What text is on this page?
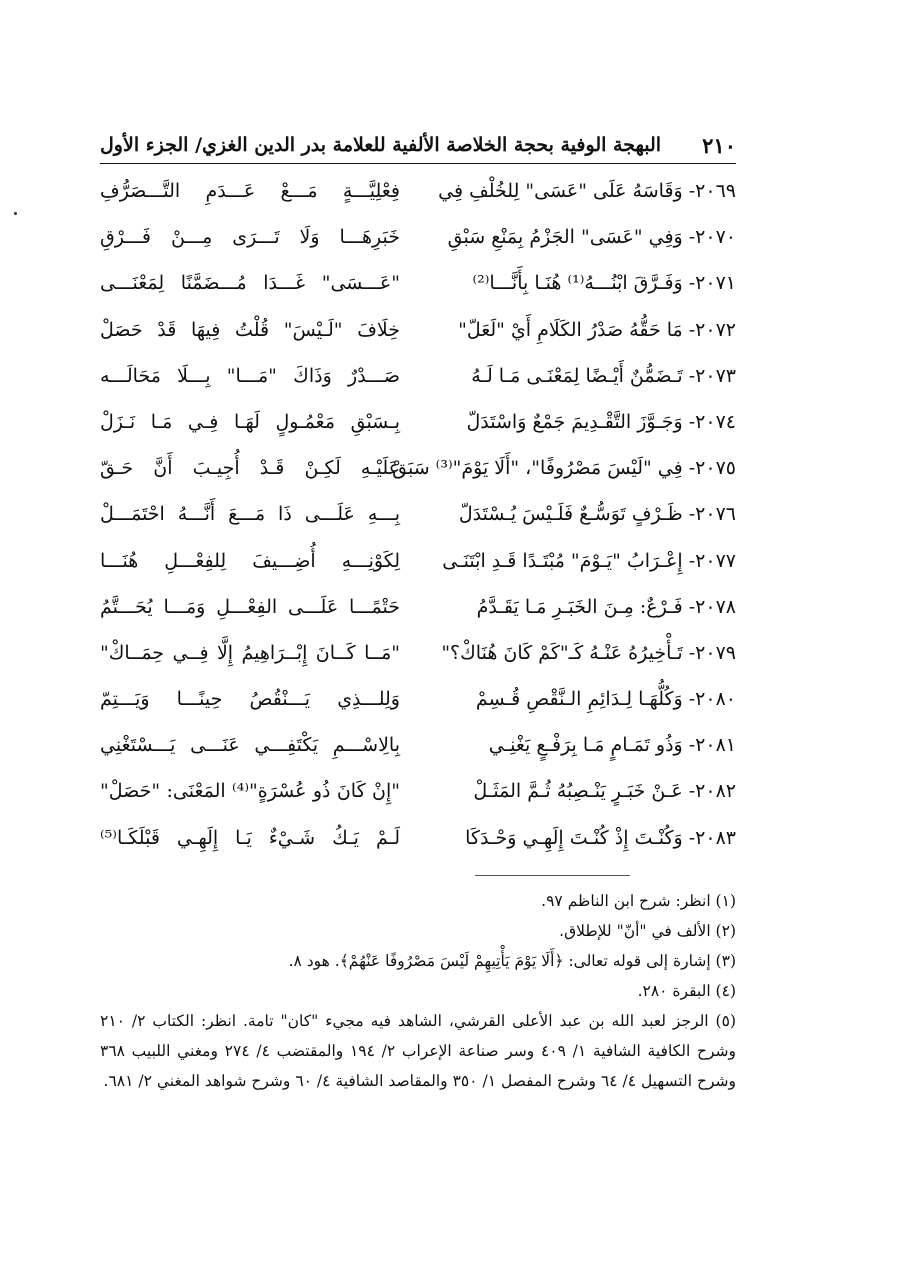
٢١٠
البهجة الوفية بحجة الخلاصة الألفية للعلامة بدر الدين الغزي/ الجزء الأول
٢٠٦٩- وَقَاسَهُ عَلَى "عَسَى" لِلخُلْفِ فِي
فِعْلِيَّـــةٍ مَـــعْ عَـــدَمِ التَّـــصَرُّفِ
٢٠٧٠- وَفِي "عَسَى" الجَزْمُ بِمَنْعِ سَبْقِ
خَبَرِهَـــا وَلَا تَـــرَى مِـــنْ فَـــرْقِ
٢٠٧١- وَفَـرَّقَ ابْنُـــهُ⁽¹⁾ هُنَـا بِأَنَّـــا⁽²⁾
"عَـــسَى" غَـــدَا مُـــضَمَّنًا لِمَعْنَـــى
٢٠٧٢- مَا حَقُّهُ صَدْرُ الكَلَامِ أَيْ "لَعَلّ"
خِلَافَ "لَـيْسَ" قُلْتُ فِيهَا قَدْ حَصَلْ
٢٠٧٣- تَـضَمُّنٌ أَيْـضًا لِمَعْنَـى مَـا لَـهُ
صَـــدْرٌ وَذَاكَ "مَـــا" بِـــلَا مَحَالَـــه
٢٠٧٤- وَجَـوَّزَ التَّقْـدِيمَ جَمْعٌ وَاسْتَدَلّ
بِـسَبْقِ مَعْمُـولٍ لَهَـا فِـي مَـا نَـزَلْ
٢٠٧٥- فِي "لَيْسَ مَصْرُوفًا"، "أَلَا يَوْمَ"⁽³⁾ سَبَقْ
عَلَيْـهِ لَكِـنْ قَـدْ أُجِيـبَ أَنَّ حَـقّ
٢٠٧٦- ظَـرْفٍ تَوَسُّـعٌ فَلَـيْسَ يُـسْتَدَلّ
بِـــهِ عَلَـــى ذَا مَـــعَ أَنَّـــهُ احْتَمَـــلْ
٢٠٧٧- إِعْـرَابُ "يَـوْمَ" مُبْتَـدًا قَـدِ ابْتَنَـى
لِكَوْنِـــهِ أُضِـــيفَ لِلفِعْـــلِ هُنَـــا
٢٠٧٨- فَـرْعٌ: مِـنَ الخَبَـرِ مَـا يَقَـدَّمُ
حَتْمًـــا عَلَـــى الفِعْـــلِ وَمَـــا يُحَـــتَّمُ
٢٠٧٩- تَـأْخِيرُهُ عَنْـهُ كَـ"كَمْ كَانَ هُنَاكْ؟"
"مَــا كَــانَ إِبْــرَاهِيمُ إِلَّا فِــي حِمَــاكْ"
٢٠٨٠- وَكُلُّهَـا لِـدَائِمِ الـنَّقْصِ قُـسِمْ
وَلِلـــذِي يَـــنْقُصُ حِينًـــا وَيَـــتِمّ
٢٠٨١- وَذُو تَمَـامٍ مَـا بِرَفْـعٍ يَغْنِـي
بِالِاسْـــمِ يَكْتَفِـــي عَنَـــى يَـــسْتَغْنِي
٢٠٨٢- عَـنْ خَبَـرٍ يَنْـصِبُهُ ثُـمَّ المَثَـلْ
"إِنْ كَانَ ذُو عُسْرَةٍ"⁽⁴⁾ المَعْنَى: "حَصَلْ"
٢٠٨٣- وَكُنْـتَ إِذْ كُنْـتَ إِلَهِـي وَحْـدَكَا
لَـمْ يَـكُ شَـيْءٌ يَـا إِلَهِـي قَبْلَكَـا⁽⁵⁾

(١) انظر: شرح ابن الناظم ٩٧.

(٢) الألف في "أنّ" للإطلاق.

(٣) إشارة إلى قوله تعالى: ﴿أَلَا يَوْمَ يَأْتِيهِمْ لَيْسَ مَصْرُوفًا عَنْهُمْ﴾. هود ٨.

(٤) البقرة ٢٨٠.

(٥) الرجز لعبد الله بن عبد الأعلى القرشي، الشاهد فيه مجيء "كان" تامة. انظر: الكتاب ٢/ ٢١٠ وشرح الكافية الشافية ١/ ٤٠٩ وسر صناعة الإعراب ٢/ ١٩٤ والمقتضب ٤/ ٢٧٤ ومغني اللبيب ٣٦٨ وشرح التسهيل ٤/ ٦٤ وشرح المفصل ١/ ٣٥٠ والمقاصد الشافية ٤/ ٦٠ وشرح شواهد المغني ٢/ ٦٨١.
